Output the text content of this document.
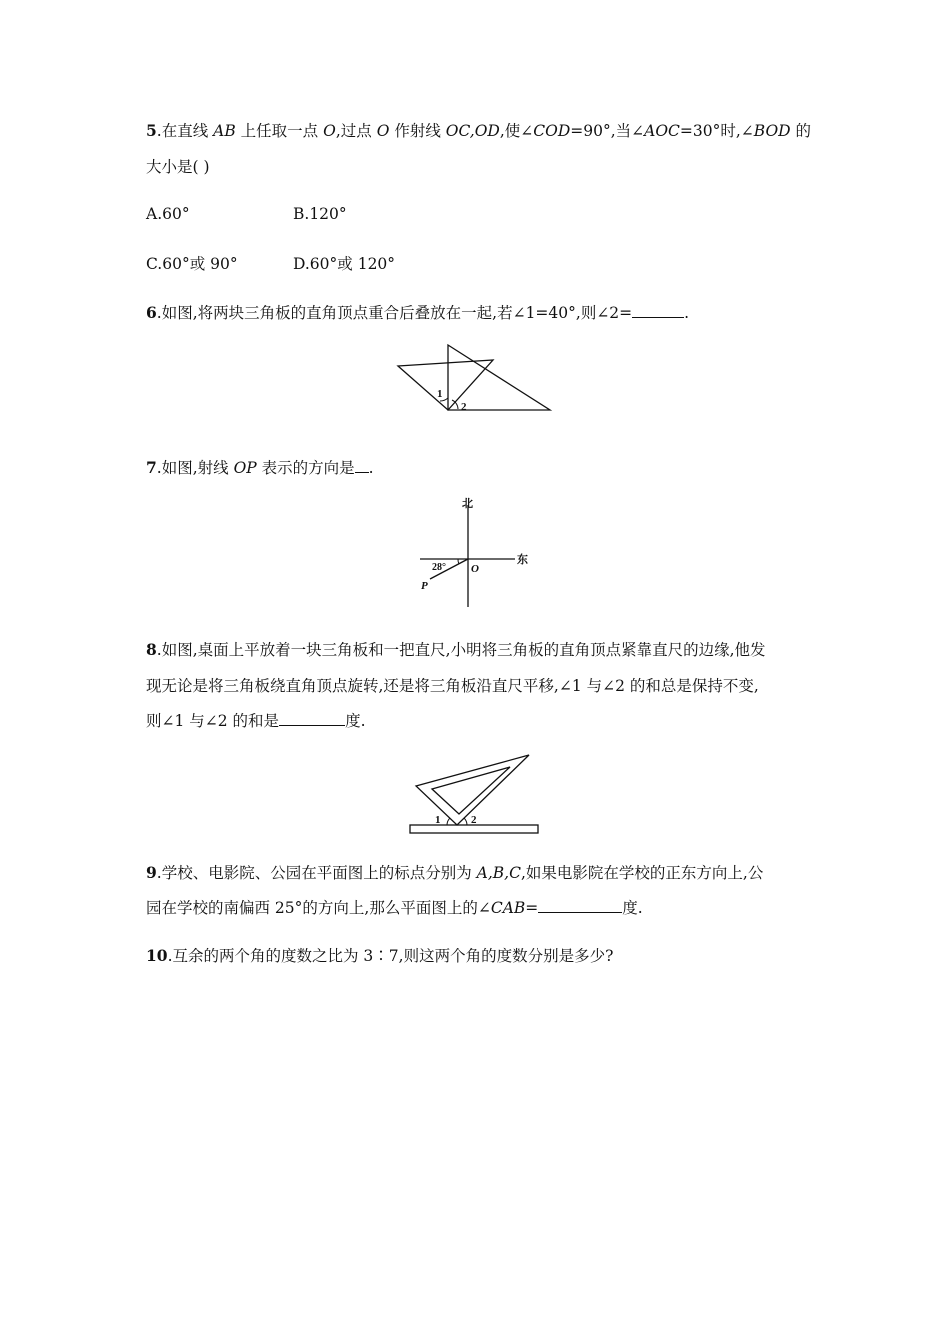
5.在直线 AB 上任取一点 O,过点 O 作射线 OC,OD,使∠COD=90°,当∠AOC=30°时,∠BOD 的
大小是( )
A.60°	B.120°
C.60°或 90°	D.60°或 120°
6.如图,将两块三角板的直角顶点重合后叠放在一起,若∠1=40°,则∠2=	.
1
2
7.如图,射线 OP 表示的方向是 .
北
东
O
P
28°
8.如图,桌面上平放着一块三角板和一把直尺,小明将三角板的直角顶点紧靠直尺的边缘,他发
现无论是将三角板绕直角顶点旋转,还是将三角板沿直尺平移,∠1 与∠2 的和总是保持不变,
则∠1 与∠2 的和是	度.
1	2
9.学校、电影院、公园在平面图上的标点分别为 A,B,C,如果电影院在学校的正东方向上,公
园在学校的南偏西 25°的方向上,那么平面图上的∠CAB=	度.
10.互余的两个角的度数之比为 3∶7,则这两个角的度数分别是多少?
